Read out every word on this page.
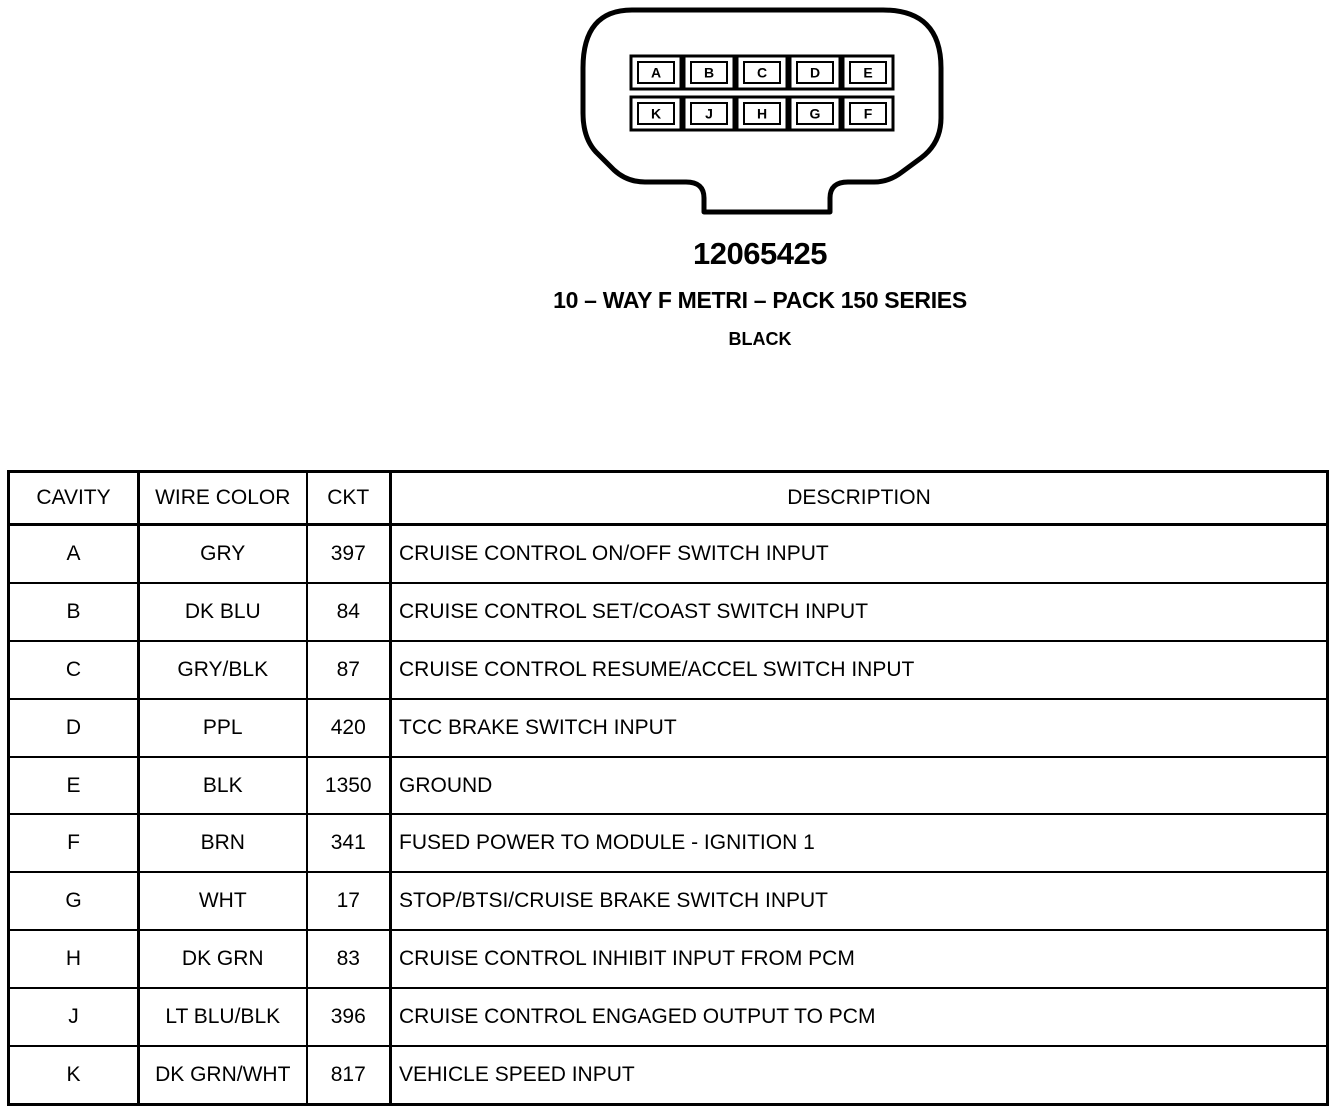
A	B	C	D	E
K	J	H	G	F
12065425
10 – WAY F METRI – PACK 150 SERIES
BLACK
CAVITY	WIRE COLOR	CKT	DESCRIPTION
A	GRY	397	CRUISE CONTROL ON/OFF SWITCH INPUT
B	DK BLU	84	CRUISE CONTROL SET/COAST SWITCH INPUT
C	GRY/BLK	87	CRUISE CONTROL RESUME/ACCEL SWITCH INPUT
D	PPL	420	TCC BRAKE SWITCH INPUT
E	BLK	1350	GROUND
F	BRN	341	FUSED POWER TO MODULE - IGNITION 1
G	WHT	17	STOP/BTSI/CRUISE BRAKE SWITCH INPUT
H	DK GRN	83	CRUISE CONTROL INHIBIT INPUT FROM PCM
J	LT BLU/BLK	396	CRUISE CONTROL ENGAGED OUTPUT TO PCM
K	DK GRN/WHT	817	VEHICLE SPEED INPUT
